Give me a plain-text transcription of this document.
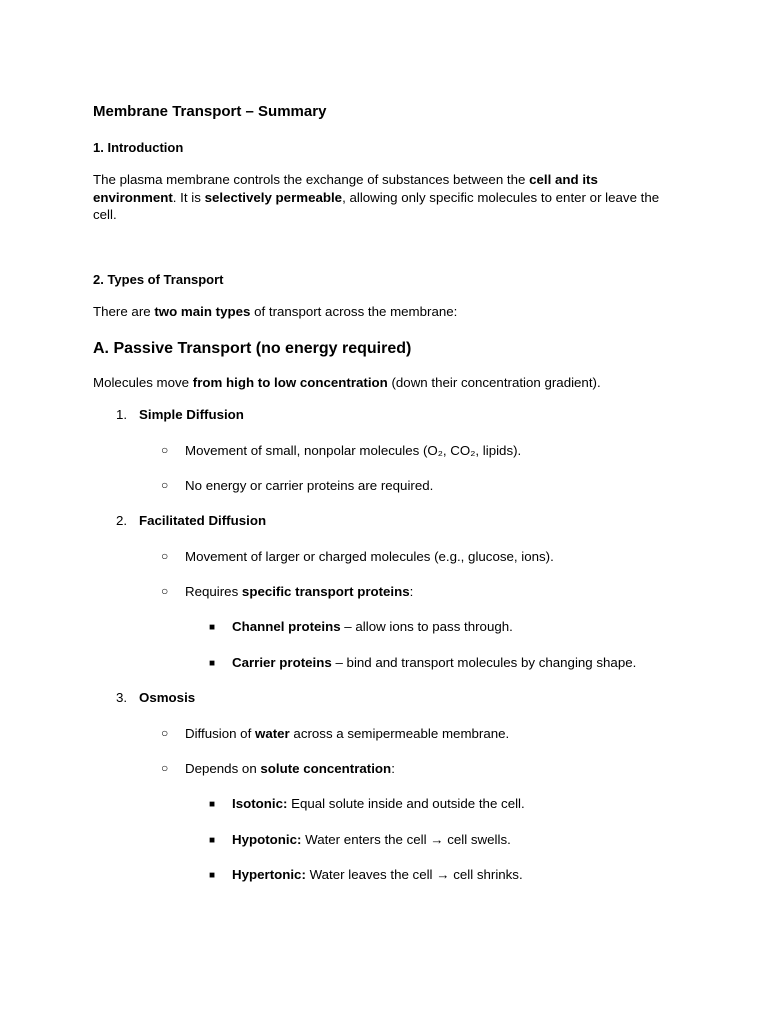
Membrane Transport – Summary
1. Introduction
The plasma membrane controls the exchange of substances between the cell and its environment. It is selectively permeable, allowing only specific molecules to enter or leave the cell.
2. Types of Transport
There are two main types of transport across the membrane:
A. Passive Transport (no energy required)
Molecules move from high to low concentration (down their concentration gradient).
1. Simple Diffusion
○ Movement of small, nonpolar molecules (O₂, CO₂, lipids).
○ No energy or carrier proteins are required.
2. Facilitated Diffusion
○ Movement of larger or charged molecules (e.g., glucose, ions).
○ Requires specific transport proteins:
■ Channel proteins – allow ions to pass through.
■ Carrier proteins – bind and transport molecules by changing shape.
3. Osmosis
○ Diffusion of water across a semipermeable membrane.
○ Depends on solute concentration:
■ Isotonic: Equal solute inside and outside the cell.
■ Hypotonic: Water enters the cell → cell swells.
■ Hypertonic: Water leaves the cell → cell shrinks.
